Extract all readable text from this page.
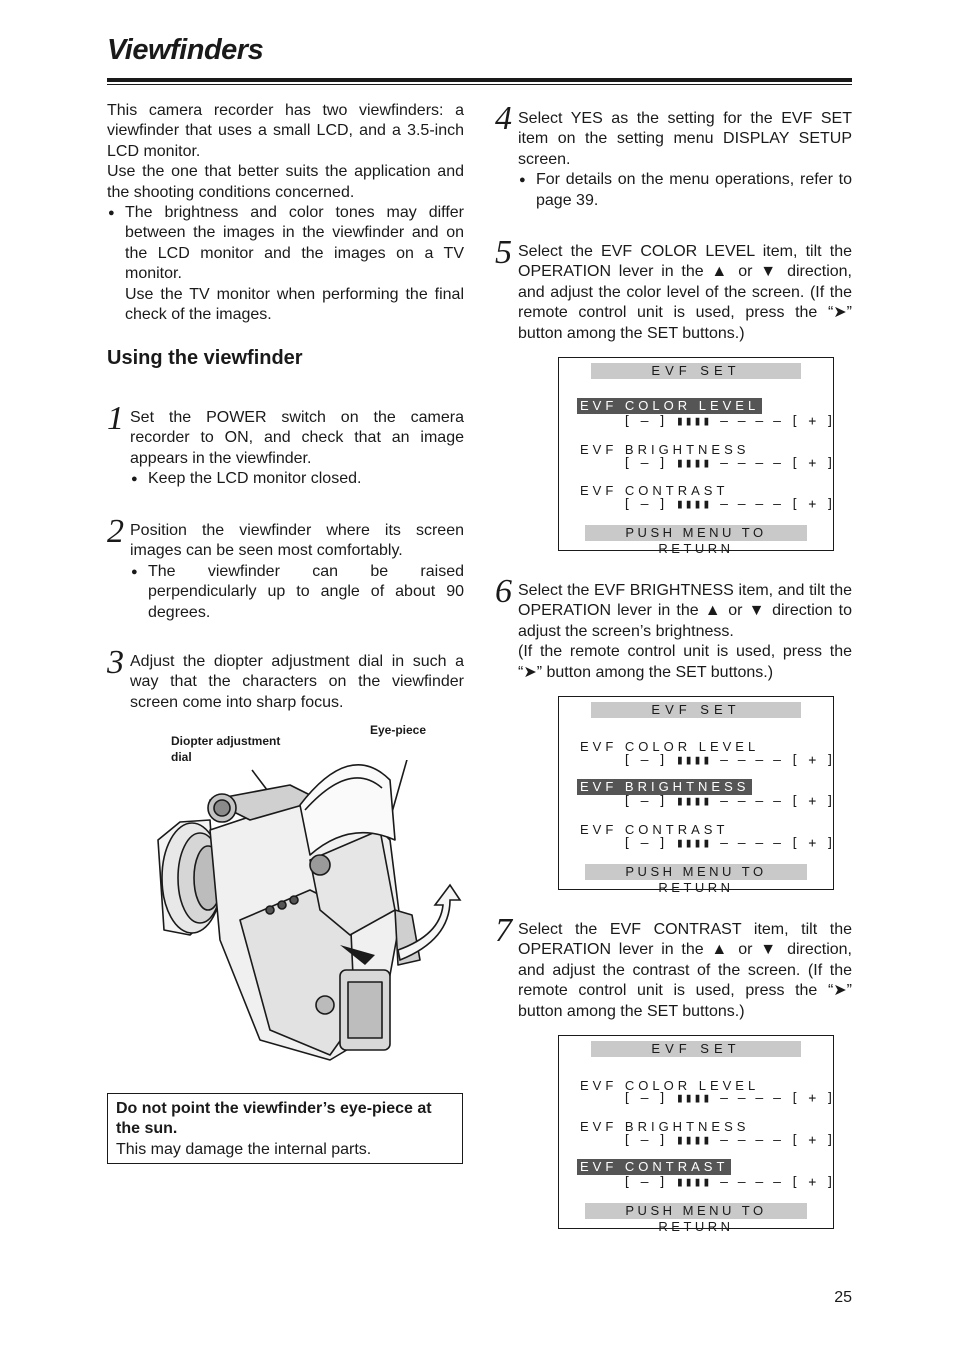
Viewfinders

This camera recorder has two viewfinders: a viewfinder that uses a small LCD, and a 3.5-inch LCD monitor.

Use the one that better suits the application and the shooting conditions concerned.

● The brightness and color tones may differ between the images in the viewfinder and on the LCD monitor and the images on a TV monitor.

Use the TV monitor when performing the final check of the images.

Using the viewfinder
1 Set the POWER switch on the camera recorder to ON, and check that an image appears in the viewfinder.

● Keep the LCD monitor closed.

2 Position the viewfinder where its screen images can be seen most comfortably.

● The viewfinder can be raised perpendicularly up to angle of about 90 degrees.

3 Adjust the diopter adjustment dial in such a way that the characters on the viewfinder screen come into sharp focus.

Diopter adjustment dial
Eye-piece
Do not point the viewfinder’s eye-piece at the sun.
This may damage the internal parts.
4 Select YES as the setting for the EVF SET item on the setting menu DISPLAY SETUP screen.

● For details on the menu operations, refer to page 39.

5 Select the EVF COLOR LEVEL item, tilt the OPERATION lever in the ▲ or ▼ direction, and adjust the color level of the screen. (If the remote control unit is used, press the “➤” button among the SET buttons.)

EVF SET
EVF COLOR LEVEL
[ – ] ▮▮▮▮ – – – – [ + ]
EVF BRIGHTNESS
[ – ] ▮▮▮▮ – – – – [ + ]
EVF CONTRAST
[ – ] ▮▮▮▮ – – – – [ + ]
PUSH MENU TO RETURN
6 Select the EVF BRIGHTNESS item, and tilt the OPERATION lever in the ▲ or ▼ direction to adjust the screen’s brightness.

(If the remote control unit is used, press the “➤” button among the SET buttons.)

EVF SET
EVF COLOR LEVEL
[ – ] ▮▮▮▮ – – – – [ + ]
EVF BRIGHTNESS
[ – ] ▮▮▮▮ – – – – [ + ]
EVF CONTRAST
[ – ] ▮▮▮▮ – – – – [ + ]
PUSH MENU TO RETURN
7 Select the EVF CONTRAST item, tilt the OPERATION lever in the ▲ or ▼ direction, and adjust the contrast of the screen. (If the remote control unit is used, press the “➤” button among the SET buttons.)

EVF SET
EVF COLOR LEVEL
[ – ] ▮▮▮▮ – – – – [ + ]
EVF BRIGHTNESS
[ – ] ▮▮▮▮ – – – – [ + ]
EVF CONTRAST
[ – ] ▮▮▮▮ – – – – [ + ]
PUSH MENU TO RETURN
25
